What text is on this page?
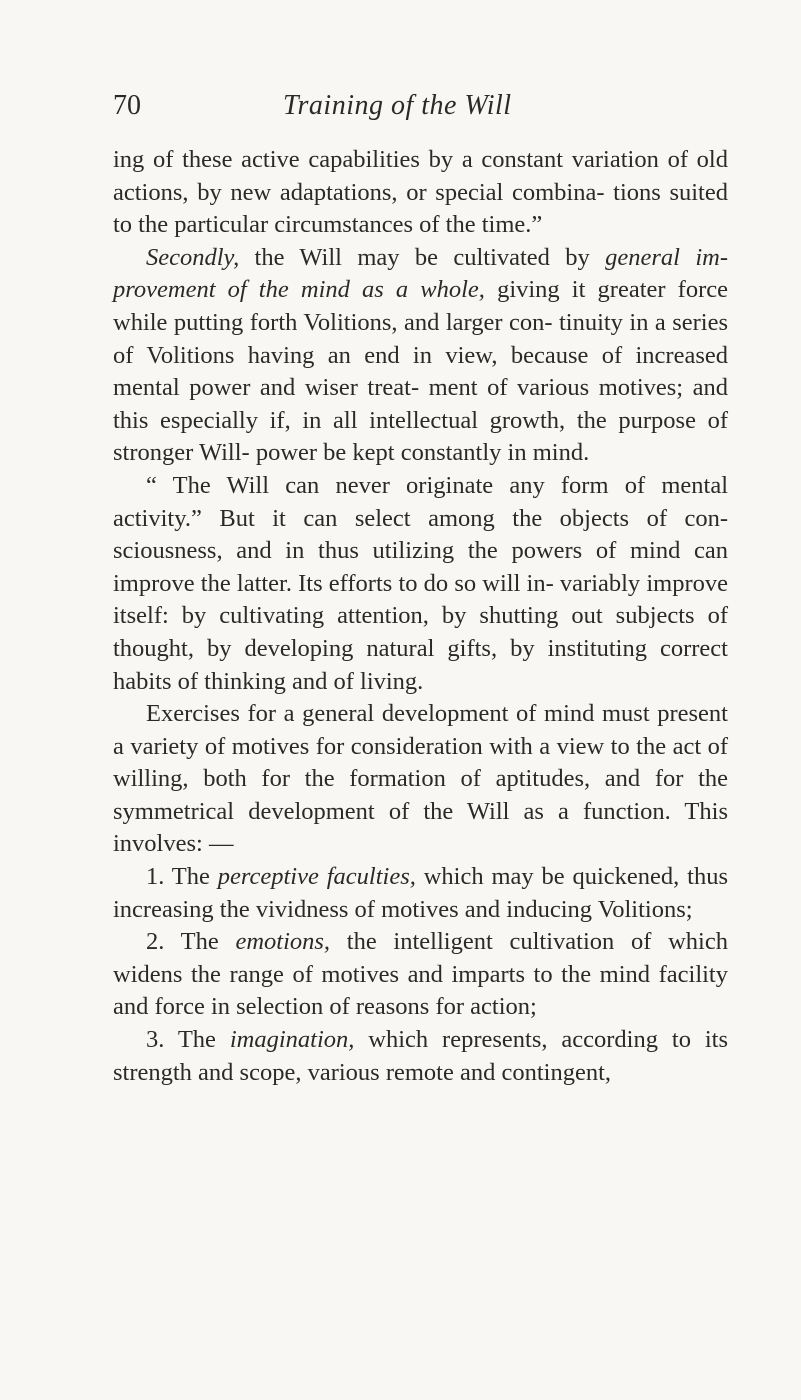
70	Training of the Will

ing of these active capabilities by a constant variation of old actions, by new adaptations, or special combina- tions suited to the particular circumstances of the time.”

Secondly, the Will may be cultivated by general im- provement of the mind as a whole, giving it greater force while putting forth Volitions, and larger con- tinuity in a series of Volitions having an end in view, because of increased mental power and wiser treat- ment of various motives; and this especially if, in all intellectual growth, the purpose of stronger Will- power be kept constantly in mind.

“ The Will can never originate any form of mental activity.” But it can select among the objects of con- sciousness, and in thus utilizing the powers of mind can improve the latter. Its efforts to do so will in- variably improve itself: by cultivating attention, by shutting out subjects of thought, by developing natural gifts, by instituting correct habits of thinking and of living.

Exercises for a general development of mind must present a variety of motives for consideration with a view to the act of willing, both for the formation of aptitudes, and for the symmetrical development of the Will as a function. This involves: —

1. The perceptive faculties, which may be quickened, thus increasing the vividness of motives and inducing Volitions;

2. The emotions, the intelligent cultivation of which widens the range of motives and imparts to the mind facility and force in selection of reasons for action;

3. The imagination, which represents, according to its strength and scope, various remote and contingent,
